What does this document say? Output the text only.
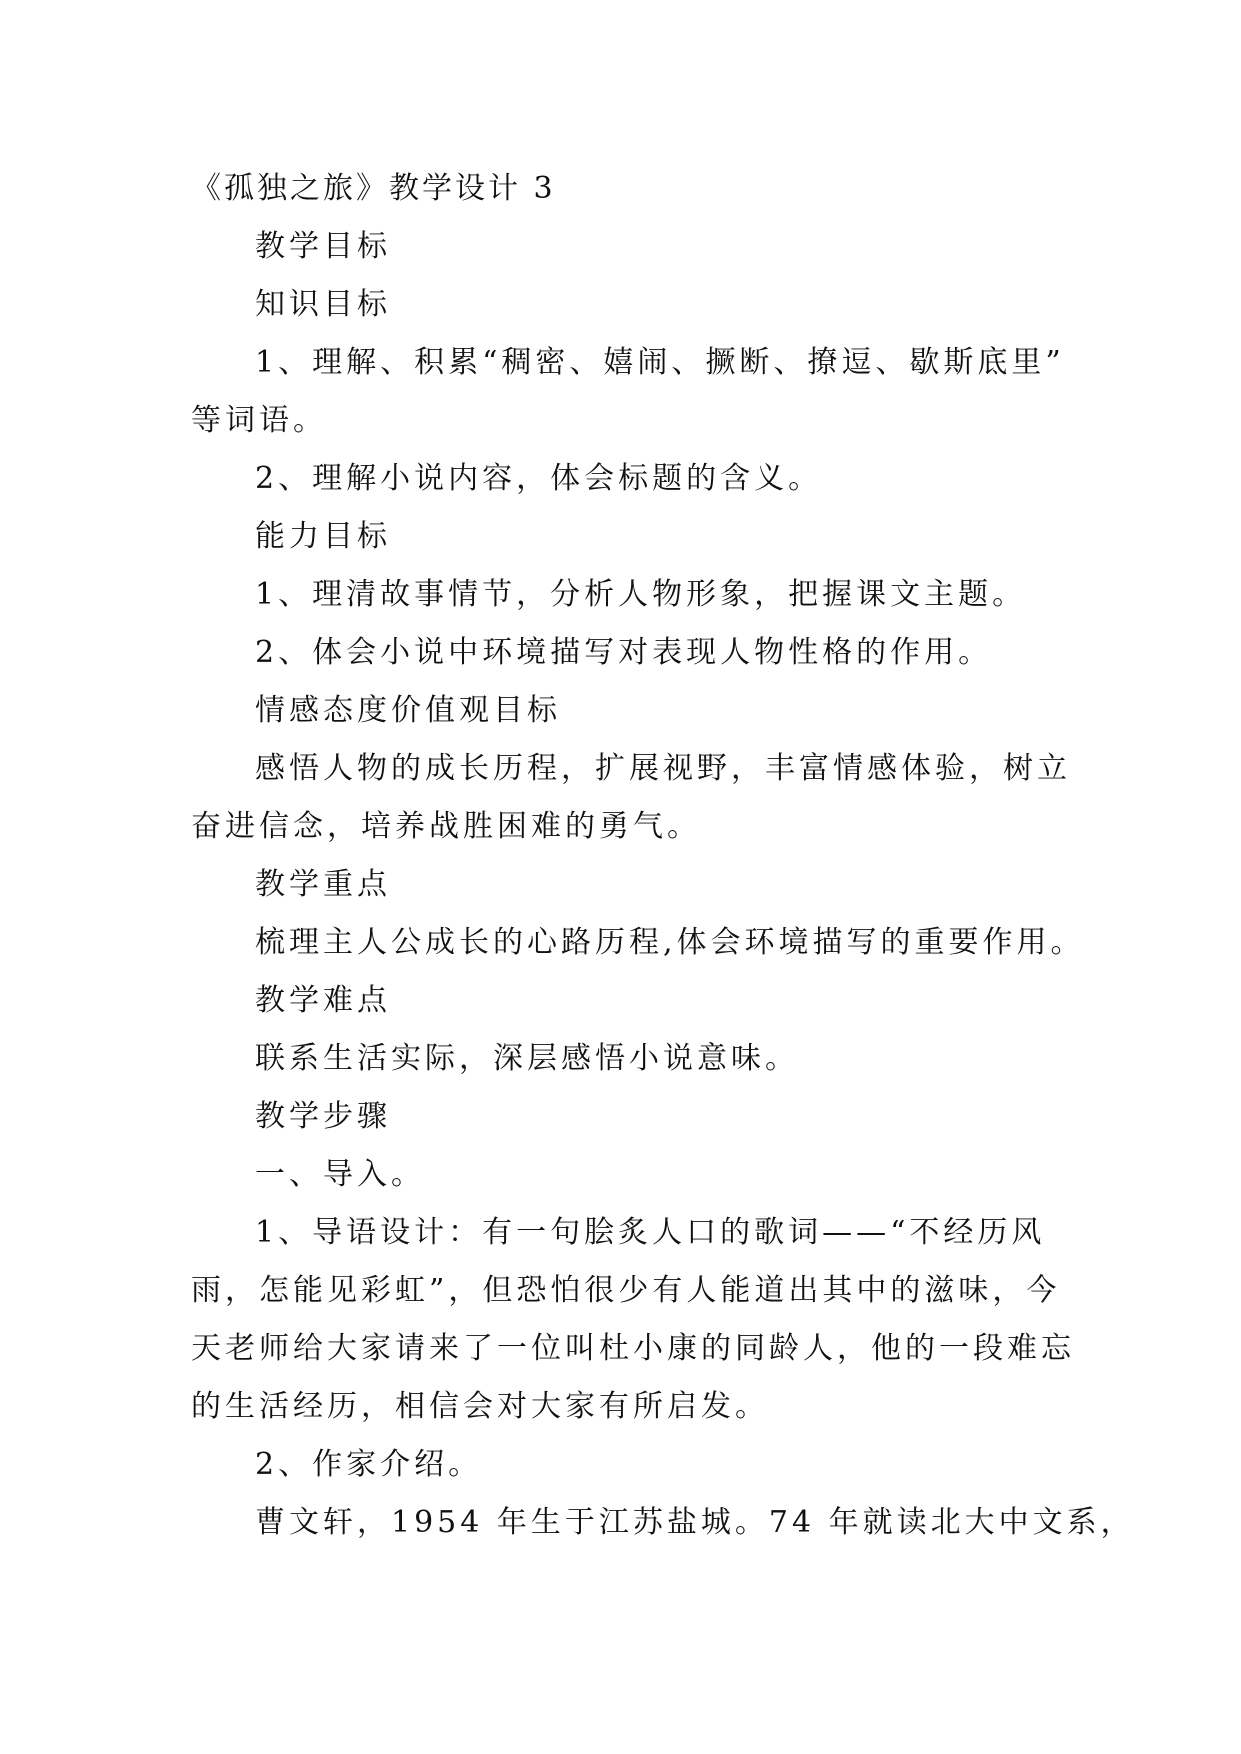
《孤独之旅》教学设计 3
教学目标
知识目标
1、理解、积累“稠密、嬉闹、撅断、撩逗、歇斯底里”
等词语。
2、理解小说内容，体会标题的含义。
能力目标
1、理清故事情节，分析人物形象，把握课文主题。
2、体会小说中环境描写对表现人物性格的作用。
情感态度价值观目标
感悟人物的成长历程，扩展视野，丰富情感体验，树立
奋进信念，培养战胜困难的勇气。
教学重点
梳理主人公成长的心路历程,体会环境描写的重要作用。
教学难点
联系生活实际，深层感悟小说意味。
教学步骤
一、导入。
1、导语设计：有一句脍炙人口的歌词——“不经历风
雨，怎能见彩虹”，但恐怕很少有人能道出其中的滋味，今
天老师给大家请来了一位叫杜小康的同龄人，他的一段难忘
的生活经历，相信会对大家有所启发。
2、作家介绍。
曹文轩，1954 年生于江苏盐城。74 年就读北大中文系，
